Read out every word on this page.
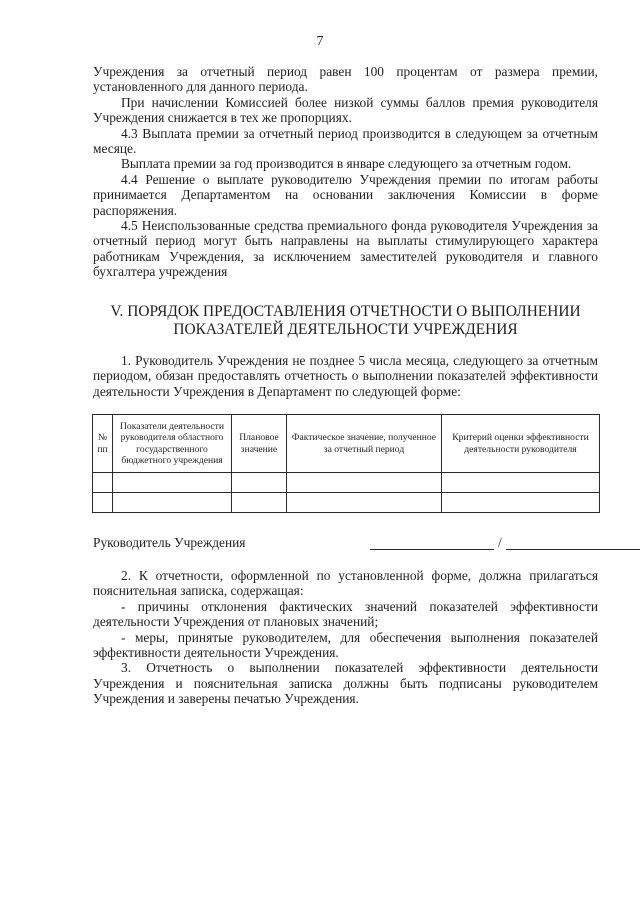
7

Учреждения за отчетный период равен 100 процентам от размера премии, установленного для данного периода.

При начислении Комиссией более низкой суммы баллов премия руководителя Учреждения снижается в тех же пропорциях.

4.3 Выплата премии за отчетный период производится в следующем за отчетным месяце.

Выплата премии за год производится в январе следующего за отчетным годом.

4.4 Решение о выплате руководителю Учреждения премии по итогам работы принимается Департаментом на основании заключения Комиссии в форме распоряжения.

4.5 Неиспользованные средства премиального фонда руководителя Учреждения за отчетный период могут быть направлены на выплаты стимулирующего характера работникам Учреждения, за исключением заместителей руководителя и главного бухгалтера учреждения

V. ПОРЯДОК ПРЕДОСТАВЛЕНИЯ ОТЧЕТНОСТИ О ВЫПОЛНЕНИИ
ПОКАЗАТЕЛЕЙ ДЕЯТЕЛЬНОСТИ УЧРЕЖДЕНИЯ

1. Руководитель Учреждения не позднее 5 числа месяца, следующего за отчетным периодом, обязан предоставлять отчетность о выполнении показателей эффективности деятельности Учреждения в Департамент по следующей форме:

№ пп	Показатели деятельности руководителя областного государственного бюджетного учреждения	Плановое значение	Фактическое значение, полученное за отчетный период	Критерий оценки эффективности деятельности руководителя

Руководитель Учреждения	/

2. К отчетности, оформленной по установленной форме, должна прилагаться пояснительная записка, содержащая:

- причины отклонения фактических значений показателей эффективности деятельности Учреждения от плановых значений;

- меры, принятые руководителем, для обеспечения выполнения показателей эффективности деятельности Учреждения.

3. Отчетность о выполнении показателей эффективности деятельности Учреждения и пояснительная записка должны быть подписаны руководителем Учреждения и заверены печатью Учреждения.
